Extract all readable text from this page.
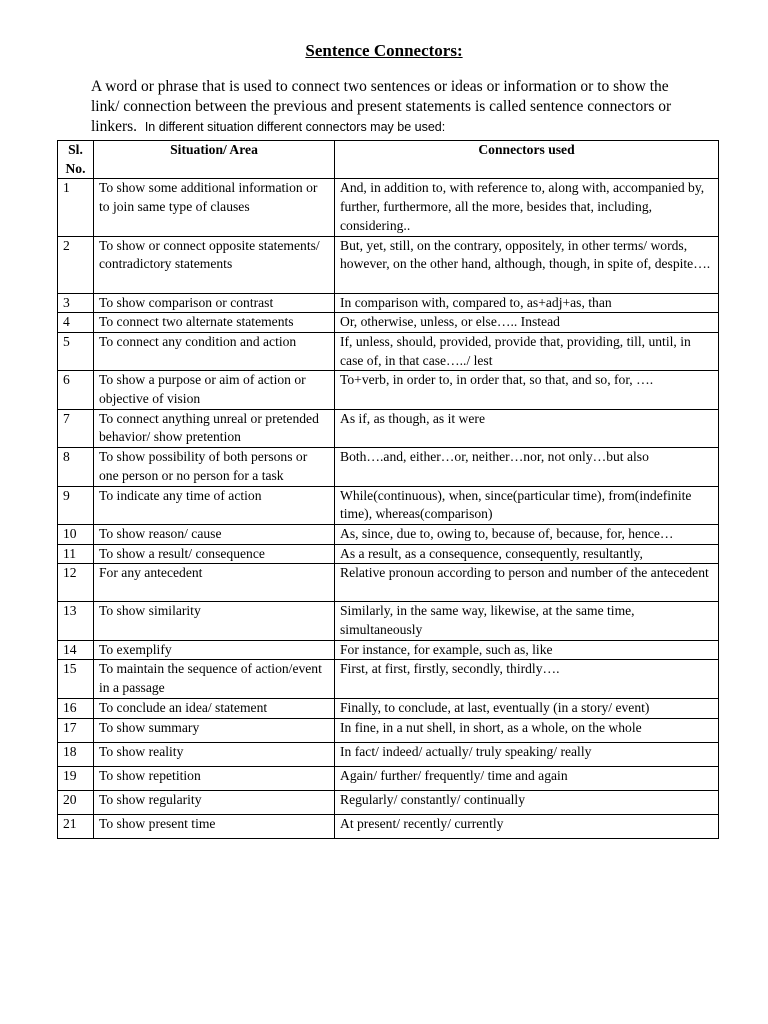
Sentence Connectors:
A word or phrase that is used to connect two sentences or ideas or information or to show the link/ connection between the previous and present statements is called sentence connectors or linkers. In different situation different connectors may be used:
Sl. No.	Situation/ Area	Connectors used
1	To show some additional information or to join same type of clauses	And, in addition to, with reference to, along with, accompanied by, further, furthermore, all the more, besides that, including, considering..
2	To show or connect opposite statements/ contradictory statements	But, yet, still, on the contrary, oppositely, in other terms/ words, however, on the other hand, although, though, in spite of, despite….
3	To show comparison or contrast	In comparison with, compared to, as+adj+as, than
4	To connect two alternate statements	Or, otherwise, unless, or else….. Instead
5	To connect any condition and action	If, unless, should, provided, provide that, providing, till, until, in case of, in that case…../ lest
6	To show a purpose or aim of action or objective of vision	To+verb, in order to, in order that, so that, and so, for, ….
7	To connect anything unreal or pretended behavior/ show pretention	As if, as though, as it were
8	To show possibility of both persons or one person or no person for a task	Both….and, either…or, neither…nor, not only…but also
9	To indicate any time of action	While(continuous), when, since(particular time), from(indefinite time), whereas(comparison)
10	To show reason/ cause	As, since, due to, owing to, because of, because, for, hence…
11	To show a result/ consequence	As a result, as a consequence, consequently, resultantly,
12	For any antecedent	Relative pronoun according to person and number of the antecedent
13	To show similarity	Similarly, in the same way, likewise, at the same time, simultaneously
14	To exemplify	For instance, for example, such as, like
15	To maintain the sequence of action/event in a passage	First, at first, firstly, secondly, thirdly….
16	To conclude an idea/ statement	Finally, to conclude, at last, eventually (in a story/ event)
17	To show summary	In fine, in a nut shell, in short, as a whole, on the whole
18	To show reality	In fact/ indeed/ actually/ truly speaking/ really
19	To show repetition	Again/ further/ frequently/ time and again
20	To show regularity	Regularly/ constantly/ continually
21	To show present time	At present/ recently/ currently
